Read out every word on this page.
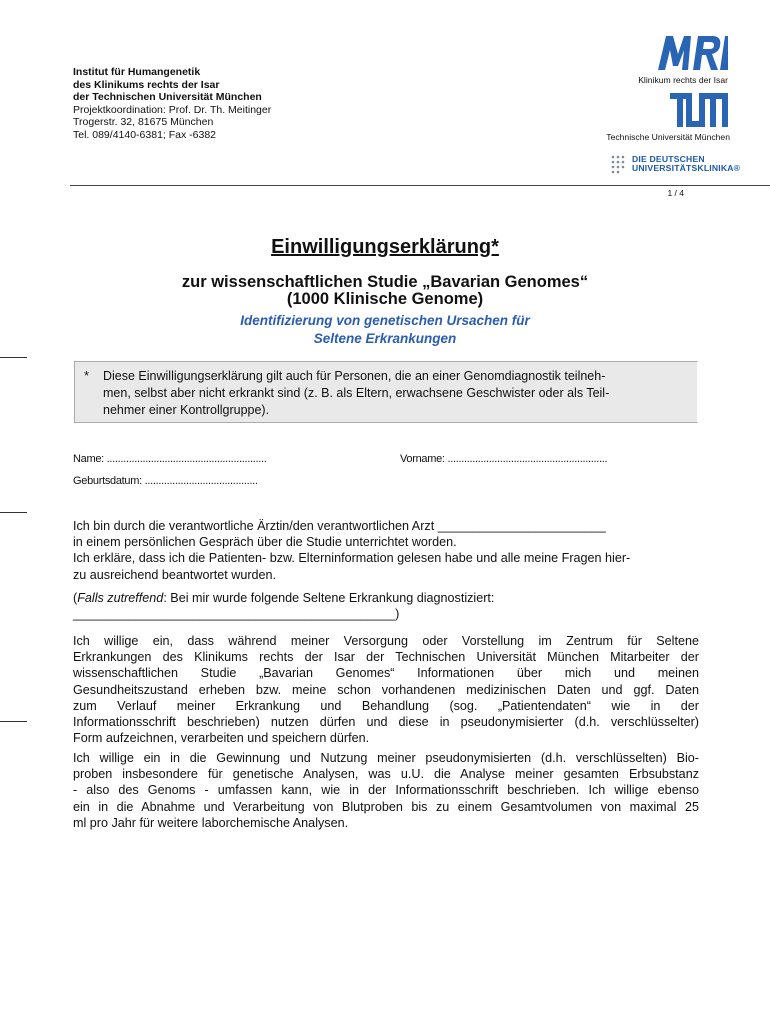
Institut für Humangenetik
des Klinikums rechts der Isar
der Technischen Universität München
Projektkoordination: Prof. Dr. Th. Meitinger
Trogerstr. 32, 81675 München
Tel. 089/4140-6381; Fax -6382
Klinikum rechts der Isar
Technische Universität München
DIE DEUTSCHEN
UNIVERSITÄTSKLINIKA®
1 / 4
Einwilligungserklärung*
zur wissenschaftlichen Studie „Bavarian Genomes“
(1000 Klinische Genome)
Identifizierung von genetischen Ursachen für
Seltene Erkrankungen
* Diese Einwilligungserklärung gilt auch für Personen, die an einer Genomdiagnostik teilneh-
men, selbst aber nicht erkrankt sind (z. B. als Eltern, erwachsene Geschwister oder als Teil-
nehmer einer Kontrollgruppe).
Name: ..........................................................	Vorname: ..........................................................
Geburtsdatum: .........................................
Ich bin durch die verantwortliche Ärztin/den verantwortlichen Arzt ________________________
in einem persönlichen Gespräch über die Studie unterrichtet worden.
Ich erkläre, dass ich die Patienten- bzw. Elterninformation gelesen habe und alle meine Fragen hier-
zu ausreichend beantwortet wurden.
(Falls zutreffend: Bei mir wurde folgende Seltene Erkrankung diagnostiziert:
______________________________________________)
Ich willige ein, dass während meiner Versorgung oder Vorstellung im Zentrum für Seltene
Erkrankungen des Klinikums rechts der Isar der Technischen Universität München Mitarbeiter der
wissenschaftlichen Studie „Bavarian Genomes“ Informationen über mich und meinen
Gesundheitszustand erheben bzw. meine schon vorhandenen medizinischen Daten und ggf. Daten
zum Verlauf meiner Erkrankung und Behandlung (sog. „Patientendaten“ wie in der
Informationsschrift beschrieben) nutzen dürfen und diese in pseudonymisierter (d.h. verschlüsselter)
Form aufzeichnen, verarbeiten und speichern dürfen.
Ich willige ein in die Gewinnung und Nutzung meiner pseudonymisierten (d.h. verschlüsselten) Bio-
proben insbesondere für genetische Analysen, was u.U. die Analyse meiner gesamten Erbsubstanz
- also des Genoms - umfassen kann, wie in der Informationsschrift beschrieben. Ich willige ebenso
ein in die Abnahme und Verarbeitung von Blutproben bis zu einem Gesamtvolumen von maximal 25
ml pro Jahr für weitere laborchemische Analysen.
